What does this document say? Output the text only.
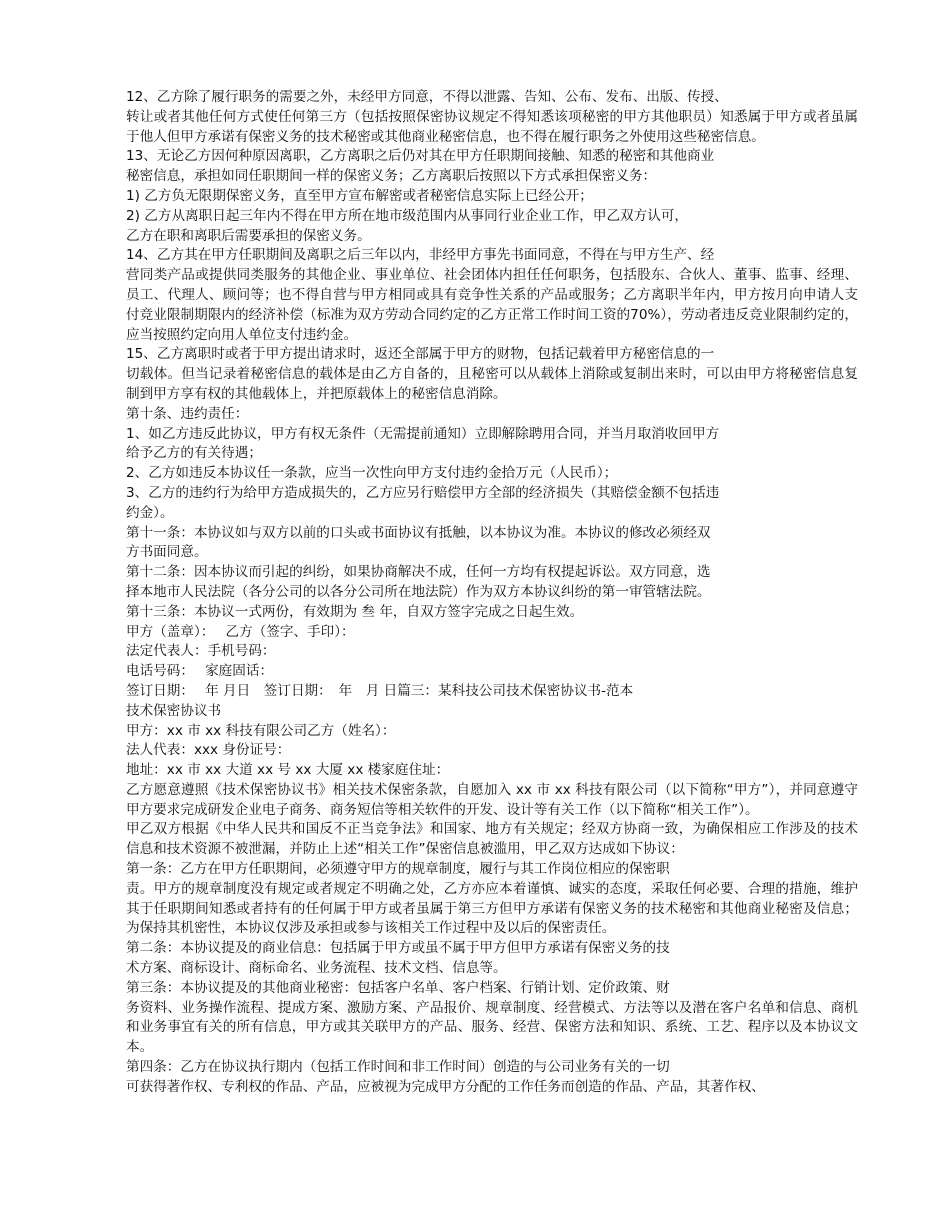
12、乙方除了履行职务的需要之外，未经甲方同意，不得以泄露、告知、公布、发布、出版、传授、
转让或者其他任何方式使任何第三方（包括按照保密协议规定不得知悉该项秘密的甲方其他职员）知悉属于甲方或者虽属于他人但甲方承诺有保密义务的技术秘密或其他商业秘密信息，也不得在履行职务之外使用这些秘密信息。
13、无论乙方因何种原因离职，乙方离职之后仍对其在甲方任职期间接触、知悉的秘密和其他商业
秘密信息，承担如同任职期间一样的保密义务；乙方离职后按照以下方式承担保密义务：
1) 乙方负无限期保密义务，直至甲方宣布解密或者秘密信息实际上已经公开；
2) 乙方从离职日起三年内不得在甲方所在地市级范围内从事同行业企业工作，甲乙双方认可，
乙方在职和离职后需要承担的保密义务。
14、乙方其在甲方任职期间及离职之后三年以内，非经甲方事先书面同意，不得在与甲方生产、经
营同类产品或提供同类服务的其他企业、事业单位、社会团体内担任任何职务，包括股东、合伙人、董事、监事、经理、员工、代理人、顾问等；也不得自营与甲方相同或具有竞争性关系的产品或服务；乙方离职半年内，甲方按月向申请人支付竞业限制期限内的经济补偿（标准为双方劳动合同约定的乙方正常工作时间工资的70%），劳动者违反竞业限制约定的，应当按照约定向用人单位支付违约金。
15、乙方离职时或者于甲方提出请求时，返还全部属于甲方的财物，包括记载着甲方秘密信息的一
切载体。但当记录着秘密信息的载体是由乙方自备的，且秘密可以从载体上消除或复制出来时，可以由甲方将秘密信息复制到甲方享有权的其他载体上，并把原载体上的秘密信息消除。
第十条、违约责任：
1、如乙方违反此协议，甲方有权无条件（无需提前通知）立即解除聘用合同，并当月取消收回甲方
给予乙方的有关待遇；
2、乙方如违反本协议任一条款，应当一次性向甲方支付违约金拾万元（人民币）；
3、乙方的违约行为给甲方造成损失的，乙方应另行赔偿甲方全部的经济损失（其赔偿金额不包括违
约金）。
第十一条：本协议如与双方以前的口头或书面协议有抵触，以本协议为准。本协议的修改必须经双
方书面同意。
第十二条：因本协议而引起的纠纷，如果协商解决不成，任何一方均有权提起诉讼。双方同意，选
择本地市人民法院（各分公司的以各分公司所在地法院）作为双方本协议纠纷的第一审管辖法院。
第十三条：本协议一式两份，有效期为 叁 年，自双方签字完成之日起生效。
甲方（盖章）：　 乙方（签字、手印）：
法定代表人：手机号码：
电话号码：　 家庭固话：
签订日期：　 年 月日　签订日期：　年　月 日篇三：某科技公司技术保密协议书-范本
技术保密协议书
甲方：xx 市 xx 科技有限公司乙方（姓名）：
法人代表：xxx 身份证号：
地址：xx 市 xx 大道 xx 号 xx 大厦 xx 楼家庭住址：
乙方愿意遵照《技术保密协议书》相关技术保密条款，自愿加入 xx 市 xx 科技有限公司（以下简称“甲方”），并同意遵守甲方要求完成研发企业电子商务、商务短信等相关软件的开发、设计等有关工作（以下简称“相关工作”）。
甲乙双方根据《中华人民共和国反不正当竞争法》和国家、地方有关规定；经双方协商一致，为确保相应工作涉及的技术信息和技术资源不被泄漏，并防止上述“相关工作”保密信息被滥用，甲乙双方达成如下协议：
第一条：乙方在甲方任职期间，必须遵守甲方的规章制度，履行与其工作岗位相应的保密职
责。甲方的规章制度没有规定或者规定不明确之处，乙方亦应本着谨慎、诚实的态度，采取任何必要、合理的措施，维护其于任职期间知悉或者持有的任何属于甲方或者虽属于第三方但甲方承诺有保密义务的技术秘密和其他商业秘密及信息；为保持其机密性，本协议仅涉及承担或参与该相关工作过程中及以后的保密责任。
第二条：本协议提及的商业信息：包括属于甲方或虽不属于甲方但甲方承诺有保密义务的技
术方案、商标设计、商标命名、业务流程、技术文档、信息等。
第三条：本协议提及的其他商业秘密：包括客户名单、客户档案、行销计划、定价政策、财
务资料、业务操作流程、提成方案、激励方案、产品报价、规章制度、经营模式、方法等以及潜在客户名单和信息、商机和业务事宜有关的所有信息，甲方或其关联甲方的产品、服务、经营、保密方法和知识、系统、工艺、程序以及本协议文本。
第四条：乙方在协议执行期内（包括工作时间和非工作时间）创造的与公司业务有关的一切
可获得著作权、专利权的作品、产品，应被视为完成甲方分配的工作任务而创造的作品、产品，其著作权、
